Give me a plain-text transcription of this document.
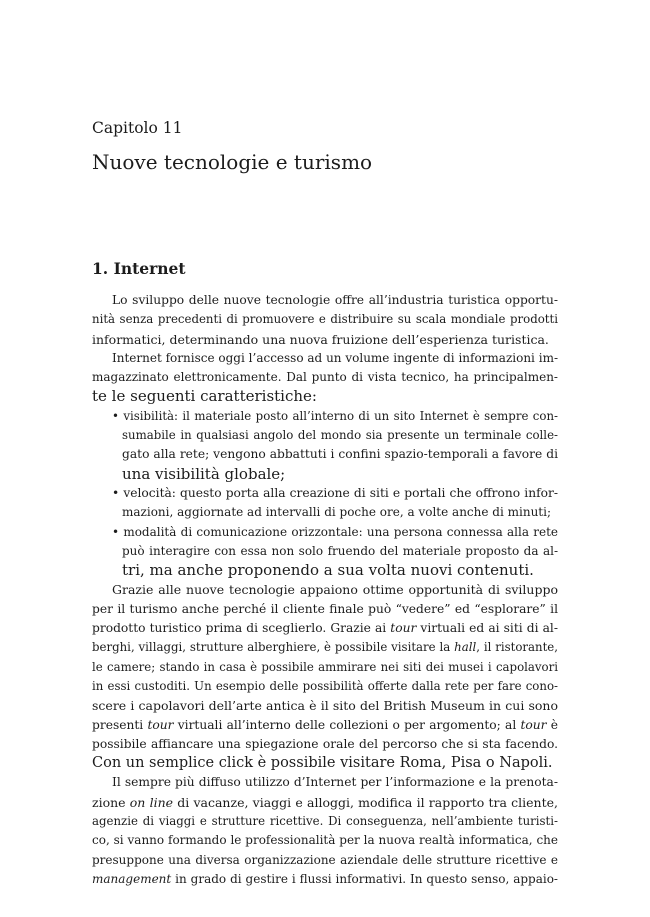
Capitolo 11
Nuove tecnologie e turismo
1. Internet
Lo sviluppo delle nuove tecnologie offre all’industria turistica opportu-
nità senza precedenti di promuovere e distribuire su scala mondiale prodotti
informatici, determinando una nuova fruizione dell’esperienza turistica.
Internet fornisce oggi l’accesso ad un volume ingente di informazioni im-
magazzinato elettronicamente. Dal punto di vista tecnico, ha principalmen-
te le seguenti caratteristiche:
• visibilità: il materiale posto all’interno di un sito Internet è sempre con-
sumabile in qualsiasi angolo del mondo sia presente un terminale colle-
gato alla rete; vengono abbattuti i confini spazio-temporali a favore di
una visibilità globale;
• velocità: questo porta alla creazione di siti e portali che offrono infor-
mazioni, aggiornate ad intervalli di poche ore, a volte anche di minuti;
• modalità di comunicazione orizzontale: una persona connessa alla rete
può interagire con essa non solo fruendo del materiale proposto da al-
tri, ma anche proponendo a sua volta nuovi contenuti.
Grazie alle nuove tecnologie appaiono ottime opportunità di sviluppo
per il turismo anche perché il cliente finale può “vedere” ed “esplorare” il
prodotto turistico prima di sceglierlo. Grazie ai tour virtuali ed ai siti di al-
berghi, villaggi, strutture alberghiere, è possibile visitare la hall, il ristorante,
le camere; stando in casa è possibile ammirare nei siti dei musei i capolavori
in essi custoditi. Un esempio delle possibilità offerte dalla rete per fare cono-
scere i capolavori dell’arte antica è il sito del British Museum in cui sono
presenti tour virtuali all’interno delle collezioni o per argomento; al tour è
possibile affiancare una spiegazione orale del percorso che si sta facendo.
Con un semplice click è possibile visitare Roma, Pisa o Napoli.
Il sempre più diffuso utilizzo d’Internet per l’informazione e la prenota-
zione on line di vacanze, viaggi e alloggi, modifica il rapporto tra cliente,
agenzie di viaggi e strutture ricettive. Di conseguenza, nell’ambiente turisti-
co, si vanno formando le professionalità per la nuova realtà informatica, che
presuppone una diversa organizzazione aziendale delle strutture ricettive e
management in grado di gestire i flussi informativi. In questo senso, appaio-
